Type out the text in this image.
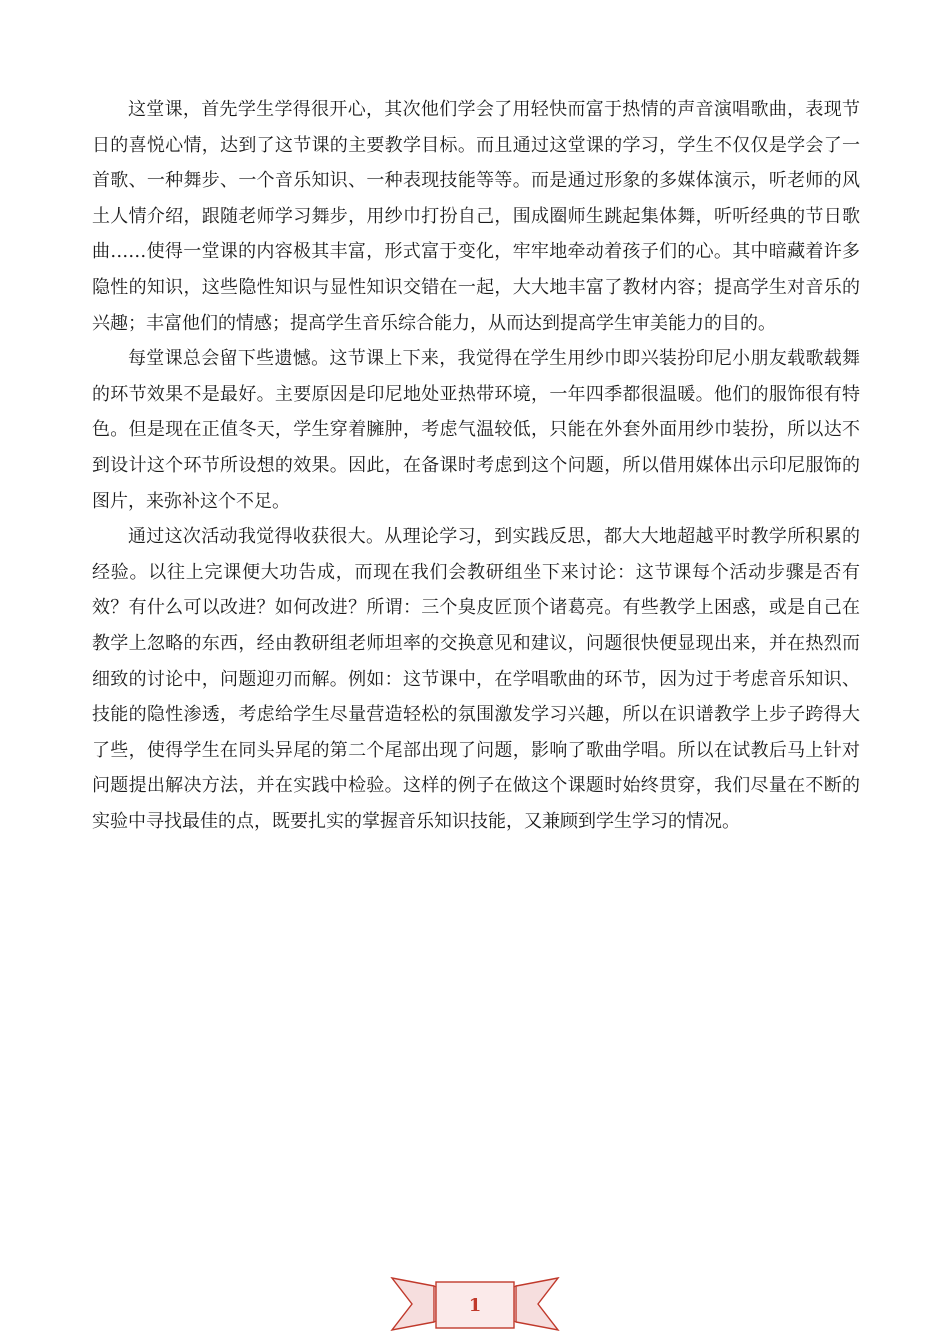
这堂课，首先学生学得很开心，其次他们学会了用轻快而富于热情的声音演唱歌曲，表现节日的喜悦心情，达到了这节课的主要教学目标。而且通过这堂课的学习，学生不仅仅是学会了一首歌、一种舞步、一个音乐知识、一种表现技能等等。而是通过形象的多媒体演示，听老师的风土人情介绍，跟随老师学习舞步，用纱巾打扮自己，围成圈师生跳起集体舞，听听经典的节日歌曲……使得一堂课的内容极其丰富，形式富于变化，牢牢地牵动着孩子们的心。其中暗藏着许多隐性的知识，这些隐性知识与显性知识交错在一起，大大地丰富了教材内容；提高学生对音乐的兴趣；丰富他们的情感；提高学生音乐综合能力，从而达到提高学生审美能力的目的。

每堂课总会留下些遗憾。这节课上下来，我觉得在学生用纱巾即兴装扮印尼小朋友载歌载舞的环节效果不是最好。主要原因是印尼地处亚热带环境，一年四季都很温暖。他们的服饰很有特色。但是现在正值冬天，学生穿着臃肿，考虑气温较低，只能在外套外面用纱巾装扮，所以达不到设计这个环节所设想的效果。因此，在备课时考虑到这个问题，所以借用媒体出示印尼服饰的图片，来弥补这个不足。

通过这次活动我觉得收获很大。从理论学习，到实践反思，都大大地超越平时教学所积累的经验。以往上完课便大功告成，而现在我们会教研组坐下来讨论：这节课每个活动步骤是否有效？有什么可以改进？如何改进？所谓：三个臭皮匠顶个诸葛亮。有些教学上困惑，或是自己在教学上忽略的东西，经由教研组老师坦率的交换意见和建议，问题很快便显现出来，并在热烈而细致的讨论中，问题迎刃而解。例如：这节课中，在学唱歌曲的环节，因为过于考虑音乐知识、技能的隐性渗透，考虑给学生尽量营造轻松的氛围激发学习兴趣，所以在识谱教学上步子跨得大了些，使得学生在同头异尾的第二个尾部出现了问题，影响了歌曲学唱。所以在试教后马上针对问题提出解决方法，并在实践中检验。这样的例子在做这个课题时始终贯穿，我们尽量在不断的实验中寻找最佳的点，既要扎实的掌握音乐知识技能，又兼顾到学生学习的情况。

1
